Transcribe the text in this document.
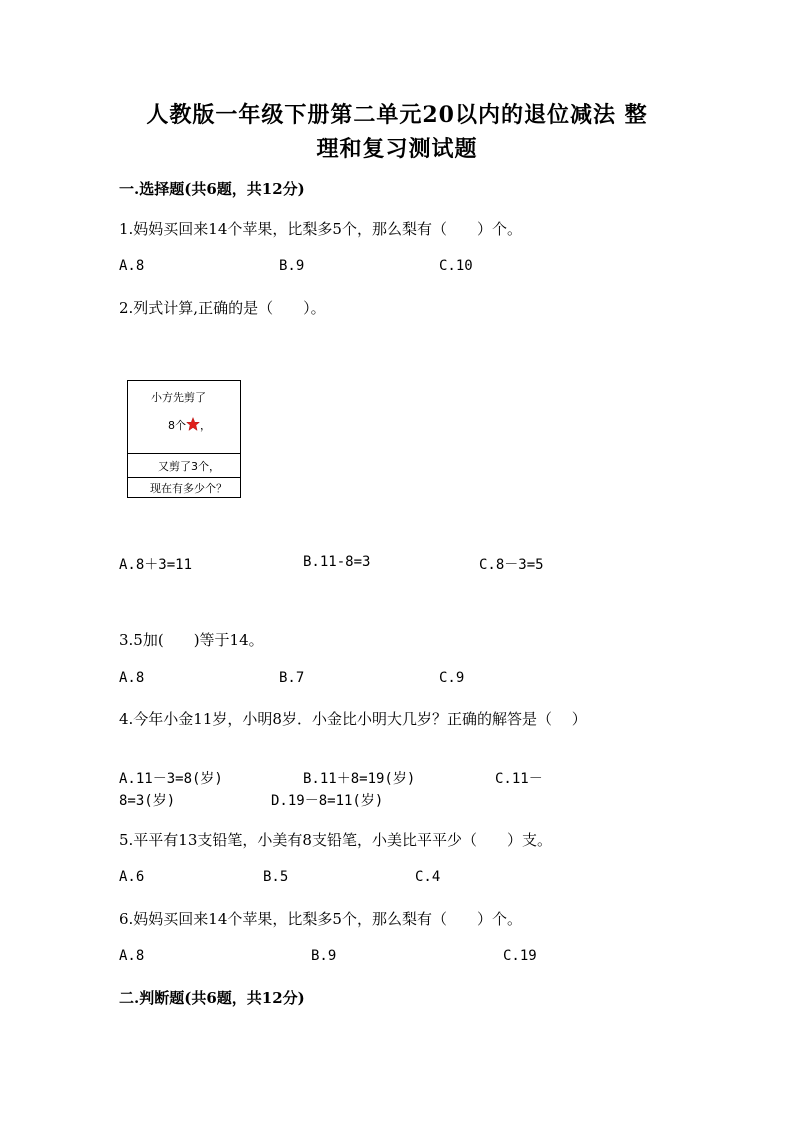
人教版一年级下册第二单元20以内的退位减法 整
理和复习测试题
一.选择题(共6题，共12分)
1.妈妈买回来14个苹果，比梨多5个，那么梨有（　　）个。
A.8	B.9	C.10
2.列式计算,正确的是（　　）。
小方先剪了
8个 ，
又剪了3个，
现在有多少个？
A.8＋3=11	B.11-8=3	C.8－3=5
3.5加(　　)等于14。
A.8	B.7	C.9
4.今年小金11岁，小明8岁．小金比小明大几岁？正确的解答是（　 ）
A.11－3=8(岁)	B.11＋8=19(岁)	C.11－
8=3(岁)	D.19－8=11(岁)
5.平平有13支铅笔，小美有8支铅笔，小美比平平少（　　）支。
A.6	B.5	C.4
6.妈妈买回来14个苹果，比梨多5个，那么梨有（　　）个。
A.8	B.9	C.19
二.判断题(共6题，共12分)
